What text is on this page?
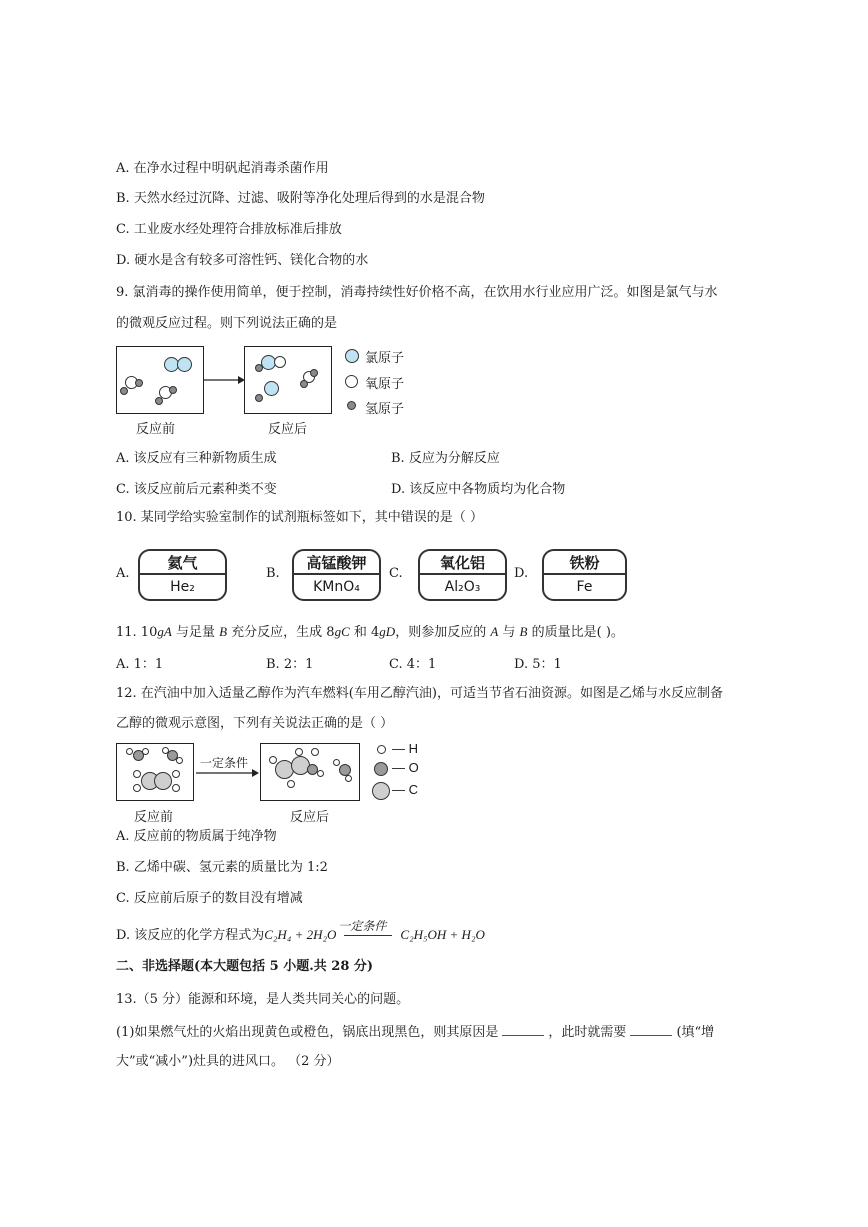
A. 在净水过程中明矾起消毒杀菌作用
B. 天然水经过沉降、过滤、吸附等净化处理后得到的水是混合物
C. 工业废水经处理符合排放标准后排放
D. 硬水是含有较多可溶性钙、镁化合物的水
9. 氯消毒的操作使用简单，便于控制，消毒持续性好价格不高，在饮用水行业应用广泛。如图是氯气与水
的微观反应过程。则下列说法正确的是
反应前	反应后
氯原子
氧原子
氢原子
A. 该反应有三种新物质生成	B. 反应为分解反应
C. 该反应前后元素种类不变	D. 该反应中各物质均为化合物
10. 某同学给实验室制作的试剂瓶标签如下，其中错误的是（ ）
A.
氦气
He₂
B.
高锰酸钾
KMnO₄
C.
氧化铝
Al₂O₃
D.
铁粉
Fe
11. 10gA 与足量 B 充分反应，生成 8gC 和 4gD，则参加反应的 A 与 B 的质量比是( )。
A. 1：1	B. 2：1	C. 4：1	D. 5：1
12. 在汽油中加入适量乙醇作为汽车燃料(车用乙醇汽油)，可适当节省石油资源。如图是乙烯与水反应制备
乙醇的微观示意图，下列有关说法正确的是（ ）
反应前
一定条件
反应后
— H
— O
— C
A. 反应前的物质属于纯净物
B. 乙烯中碳、氢元素的质量比为 1:2
C. 反应前后原子的数目没有增减
D. 该反应的化学方程式为C₂H₄ + 2H₂O
一定条件
C₂H₅OH + H₂O
二、非选择题(本大题包括 5 小题.共 28 分)
13.（5 分）能源和环境，是人类共同关心的问题。
(1)如果燃气灶的火焰出现黄色或橙色，锅底出现黑色，则其原因是	，此时就需要	(填“增
大”或“减小”)灶具的进风口。 （2 分）
